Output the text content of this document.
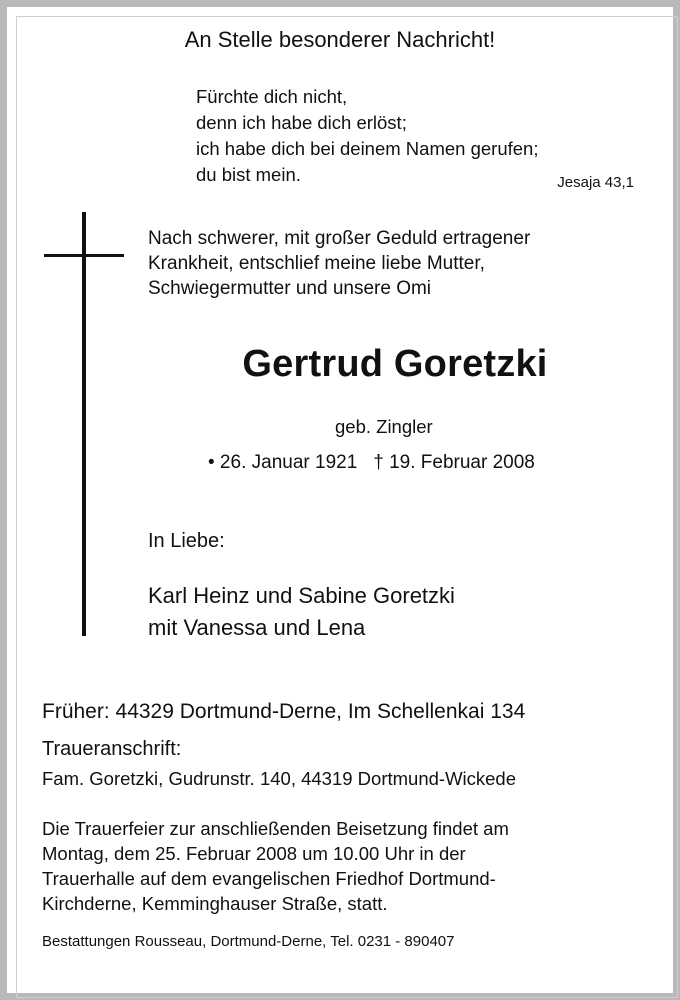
An Stelle besonderer Nachricht!

Fürchte dich nicht,
denn ich habe dich erlöst;
ich habe dich bei deinem Namen gerufen;
du bist mein.	Jesaja 43,1

Nach schwerer, mit großer Geduld ertragener
Krankheit, entschlief meine liebe Mutter,
Schwiegermutter und unsere Omi

Gertrud Goretzki

geb. Zingler

• 26. Januar 1921 † 19. Februar 2008

In Liebe:

Karl Heinz und Sabine Goretzki
mit Vanessa und Lena

Früher: 44329 Dortmund-Derne, Im Schellenkai 134

Traueranschrift:

Fam. Goretzki, Gudrunstr. 140, 44319 Dortmund-Wickede

Die Trauerfeier zur anschließenden Beisetzung findet am
Montag, dem 25. Februar 2008 um 10.00 Uhr in der
Trauerhalle auf dem evangelischen Friedhof Dortmund-
Kirchderne, Kemminghauser Straße, statt.

Bestattungen Rousseau, Dortmund-Derne, Tel. 0231 - 890407
